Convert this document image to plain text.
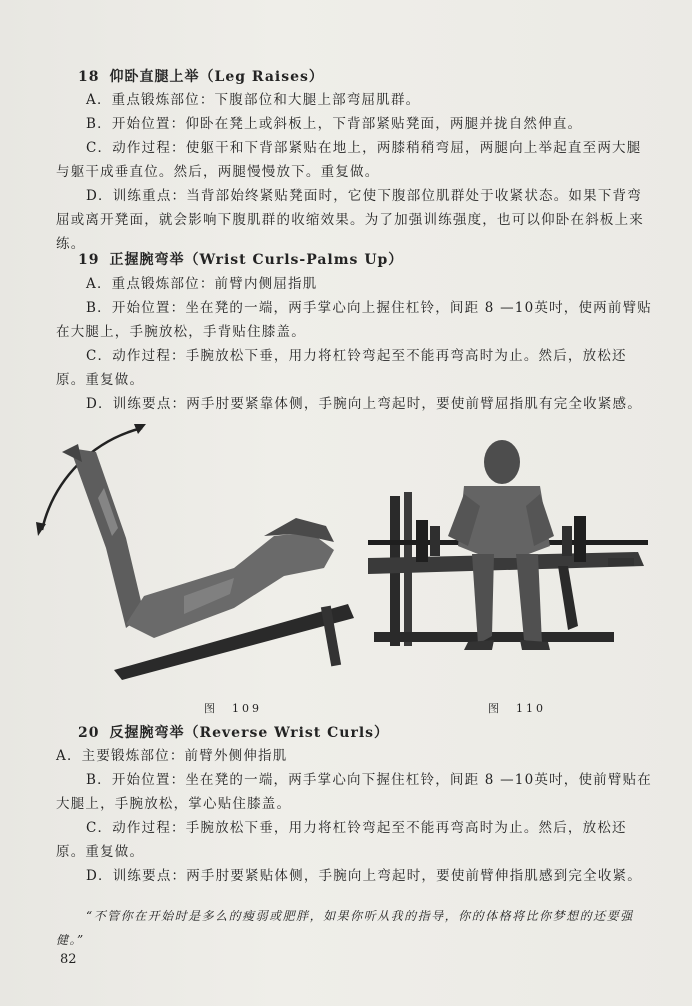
18 仰卧直腿上举（Leg Raises）

A．重点锻炼部位：下腹部位和大腿上部弯屈肌群。

B．开始位置：仰卧在凳上或斜板上，下背部紧贴凳面，两腿并拢自然伸直。

C．动作过程：使躯干和下背部紧贴在地上，两膝稍稍弯屈，两腿向上举起直至两大腿与躯干成垂直位。然后，两腿慢慢放下。重复做。

D．训练重点：当背部始终紧贴凳面时，它使下腹部位肌群处于收紧状态。如果下背弯屈或离开凳面，就会影响下腹肌群的收缩效果。为了加强训练强度，也可以仰卧在斜板上来练。

19 正握腕弯举（Wrist Curls-Palms Up）

A．重点锻炼部位：前臂内侧屈指肌

B．开始位置：坐在凳的一端，两手掌心向上握住杠铃，间距 8 —10英吋，使两前臂贴在大腿上，手腕放松，手背贴住膝盖。

C．动作过程：手腕放松下垂，用力将杠铃弯起至不能再弯高时为止。然后，放松还原。重复做。

D．训练要点：两手肘要紧靠体侧，手腕向上弯起时，要使前臂屈指肌有完全收紧感。

图　109	图　110
20 反握腕弯举（Reverse Wrist Curls）

A．主要锻炼部位：前臂外侧伸指肌

B．开始位置：坐在凳的一端，两手掌心向下握住杠铃，间距 8 —10英吋，使前臂贴在大腿上，手腕放松，掌心贴住膝盖。

C．动作过程：手腕放松下垂，用力将杠铃弯起至不能再弯高时为止。然后，放松还原。重复做。

D．训练要点：两手肘要紧贴体侧，手腕向上弯起时，要使前臂伸指肌感到完全收紧。

“不管你在开始时是多么的瘦弱或肥胖，如果你听从我的指导，你的体格将比你梦想的还要强健。”

82
